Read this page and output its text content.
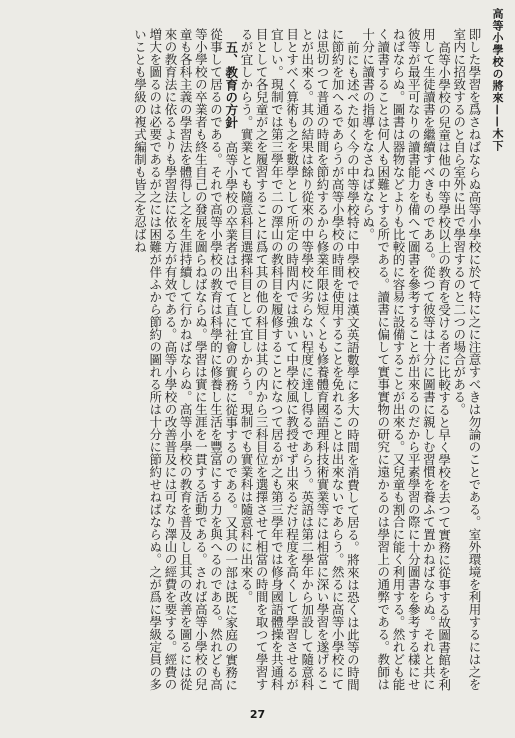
高等小學校の將來——木下

即した學習を爲さねばならぬ高等小學校に於て特に之に注意すべきは勿論のことである。室外環境を利用するには之を室内に招致するのと自ら室外に出で學習するのと二つの場合がある。

高等小學校の兒童は他の中等學校以上の教育を受ける者に比較すると早く學校を去つて實務に從事する故圖書館を利用して生徒讀書を繼續すべきものである。從つて彼等は十分に圖書に親しむ習慣を養ふて置かねばならぬ。それと共に彼等が最平可なりの讀書能力を備へて圖書を參考することが出來るのだから平素學習の際に十分圖書を參考する樣にせねばならぬ。圖書は器物などよりも比較的に容易に設備することが出來る。又兒童も割合に能く利用する。然れども能く讀書することは何人も困難とする所である。讀書に偏して實事實物の研究に遠かるのは學習上の通弊である。教師は十分に讀書の指導をなさねばならぬ。

前にも述べた如く今の中等學校特に中學校では漢文英語數學に多大の時間を消費して居る。將來は恐くは此等の時間に節約を加へるであらうが高等小學校の時間を使用することを免れることは出來ないであらう。然るに高等小學校にては思切つて普通の時間を節約するから修業年限は短くとも修養體育國語理科技術實業等には相當に深い學習を遂げることが出來る。其の結果は餘り從來の中等學校に劣らない程度に達し得るであらう。英語は第二學年から加設して隨意科目とすべく算術も之を數學として所定の時間内では強いて中學校風に教授せず出來るだけ程度を高くして學習させるが宜しい。現制では第三學年で二の澤山の教科目を履修することになつて居るが之も第三學年では修身國語體操を共通科目として各兒童が之を履習することに爲て其の他の科目は其の内から三科目位を選擇させて相當の時間を取つて學習するが宜しからう。實業とても隨意科目選擇科目として宜しからう。現制でも實業科は隨意科に出來る。

五、教育の方針　高等小學校の卒業者は出でて直に社會の實務に從事するのである。又其の一部は既に家庭の實務に從事して居るのである。それで高等小學校の教育は科學的に修養し生活を豐富にする力を與へるのである。然れども高等小學校の卒業者も終生自己の發展を圖らねばならぬ。學習は實に生涯を一貫する活動である。されば高等小學校の兒童も各科主義の學習法を體得し之を生涯持續して行かねばならぬ。高等小學校の教育を普及し且其の改善を圖るには從來の教育法に依るよりも學習法に依る方が有效である。高等小學校の改善普及には可なり澤山の經費を要する。經費の増大を圖るのは必要であるが之には困難が伴ふから節約の圖れる所は十分に節約せねばならぬ。之が爲に學級定員の多いことも學級の複式編制も皆之を忍ばね

27
